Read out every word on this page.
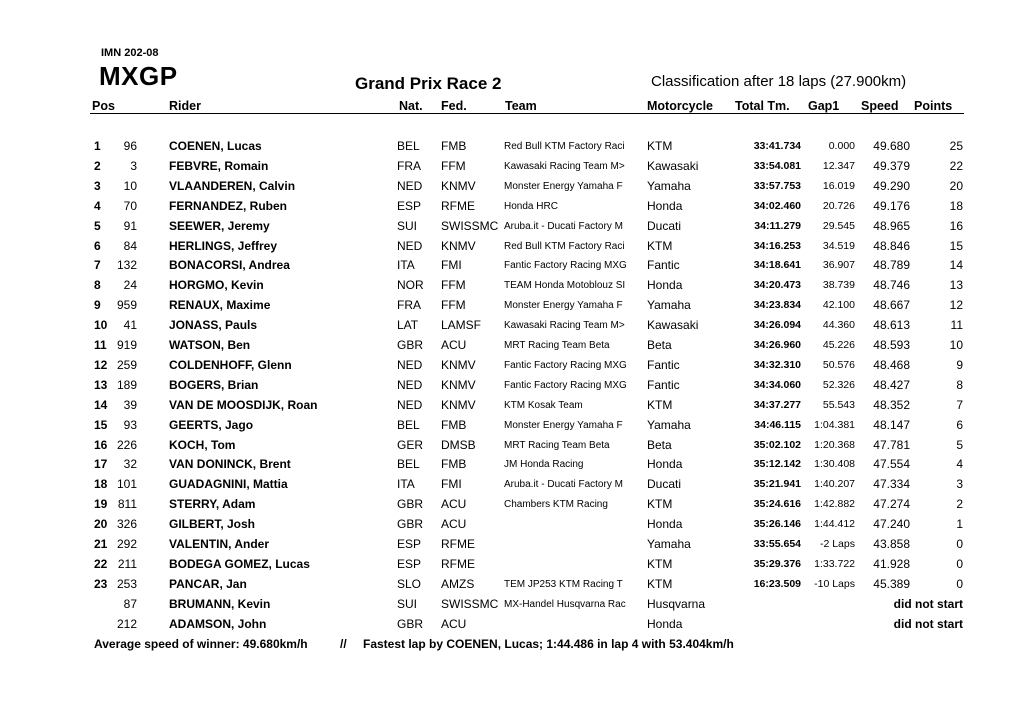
IMN 202-08
MXGP	Grand Prix Race 2	Classification after 18 laps (27.900km)
Pos	Rider	Nat. Fed.	Team	Motorcycle Total Tm. Gap1 Speed Points
1 96	COENEN, Lucas	BEL FMB	Red Bull KTM Factory Raci	KTM	33:41.734	0.000 49.680	25
2 3	FEBVRE, Romain	FRA FFM	Kawasaki Racing Team M>	Kawasaki	33:54.081 12.347 49.379	22
3 10	VLAANDEREN, Calvin	NED KNMV	Monster Energy Yamaha F	Yamaha	33:57.753 16.019 49.290	20
4 70	FERNANDEZ, Ruben	ESP RFME	Honda HRC	Honda	34:02.460 20.726 49.176	18
5 91	SEEWER, Jeremy	SUI SWISSMC Aruba.it - Ducati Factory M	Ducati	34:11.279 29.545 48.965	16
6 84	HERLINGS, Jeffrey	NED KNMV	Red Bull KTM Factory Raci	KTM	34:16.253 34.519 48.846	15
7 132	BONACORSI, Andrea	ITA FMI	Fantic Factory Racing MXG	Fantic	34:18.641 36.907 48.789	14
8 24	HORGMO, Kevin	NOR FFM	TEAM Honda Motoblouz SI	Honda	34:20.473 38.739 48.746	13
9 959	RENAUX, Maxime	FRA FFM	Monster Energy Yamaha F	Yamaha	34:23.834 42.100 48.667	12
10 41	JONASS, Pauls	LAT LAMSF	Kawasaki Racing Team M>	Kawasaki	34:26.094 44.360 48.613	11
11 919	WATSON, Ben	GBR ACU	MRT Racing Team Beta	Beta	34:26.960 45.226 48.593	10
12 259	COLDENHOFF, Glenn	NED KNMV	Fantic Factory Racing MXG	Fantic	34:32.310 50.576 48.468	9
13 189	BOGERS, Brian	NED KNMV	Fantic Factory Racing MXG	Fantic	34:34.060 52.326 48.427	8
14 39	VAN DE MOOSDIJK, Roan	NED KNMV	KTM Kosak Team	KTM	34:37.277 55.543 48.352	7
15 93	GEERTS, Jago	BEL FMB	Monster Energy Yamaha F	Yamaha	34:46.115 1:04.381 48.147	6
16 226	KOCH, Tom	GER DMSB	MRT Racing Team Beta	Beta	35:02.102 1:20.368 47.781	5
17 32	VAN DONINCK, Brent	BEL FMB	JM Honda Racing	Honda	35:12.142 1:30.408 47.554	4
18 101	GUADAGNINI, Mattia	ITA FMI	Aruba.it - Ducati Factory M	Ducati	35:21.941 1:40.207 47.334	3
19 811	STERRY, Adam	GBR ACU	Chambers KTM Racing	KTM	35:24.616 1:42.882 47.274	2
20 326	GILBERT, Josh	GBR ACU	Honda	35:26.146 1:44.412 47.240	1
21 292	VALENTIN, Ander	ESP RFME	Yamaha	33:55.654 -2 Laps 43.858	0
22 211	BODEGA GOMEZ, Lucas	ESP RFME	KTM	35:29.376 1:33.722 41.928	0
23 253	PANCAR, Jan	SLO AMZS	TEM JP253 KTM Racing T	KTM	16:23.509 -10 Laps 45.389	0
87	BRUMANN, Kevin	SUI SWISSMC MX-Handel Husqvarna Rac	Husqvarna	did not start
212	ADAMSON, John	GBR ACU	Honda	did not start
Average speed of winner: 49.680km/h	// Fastest lap by COENEN, Lucas; 1:44.486 in lap 4 with 53.404km/h
